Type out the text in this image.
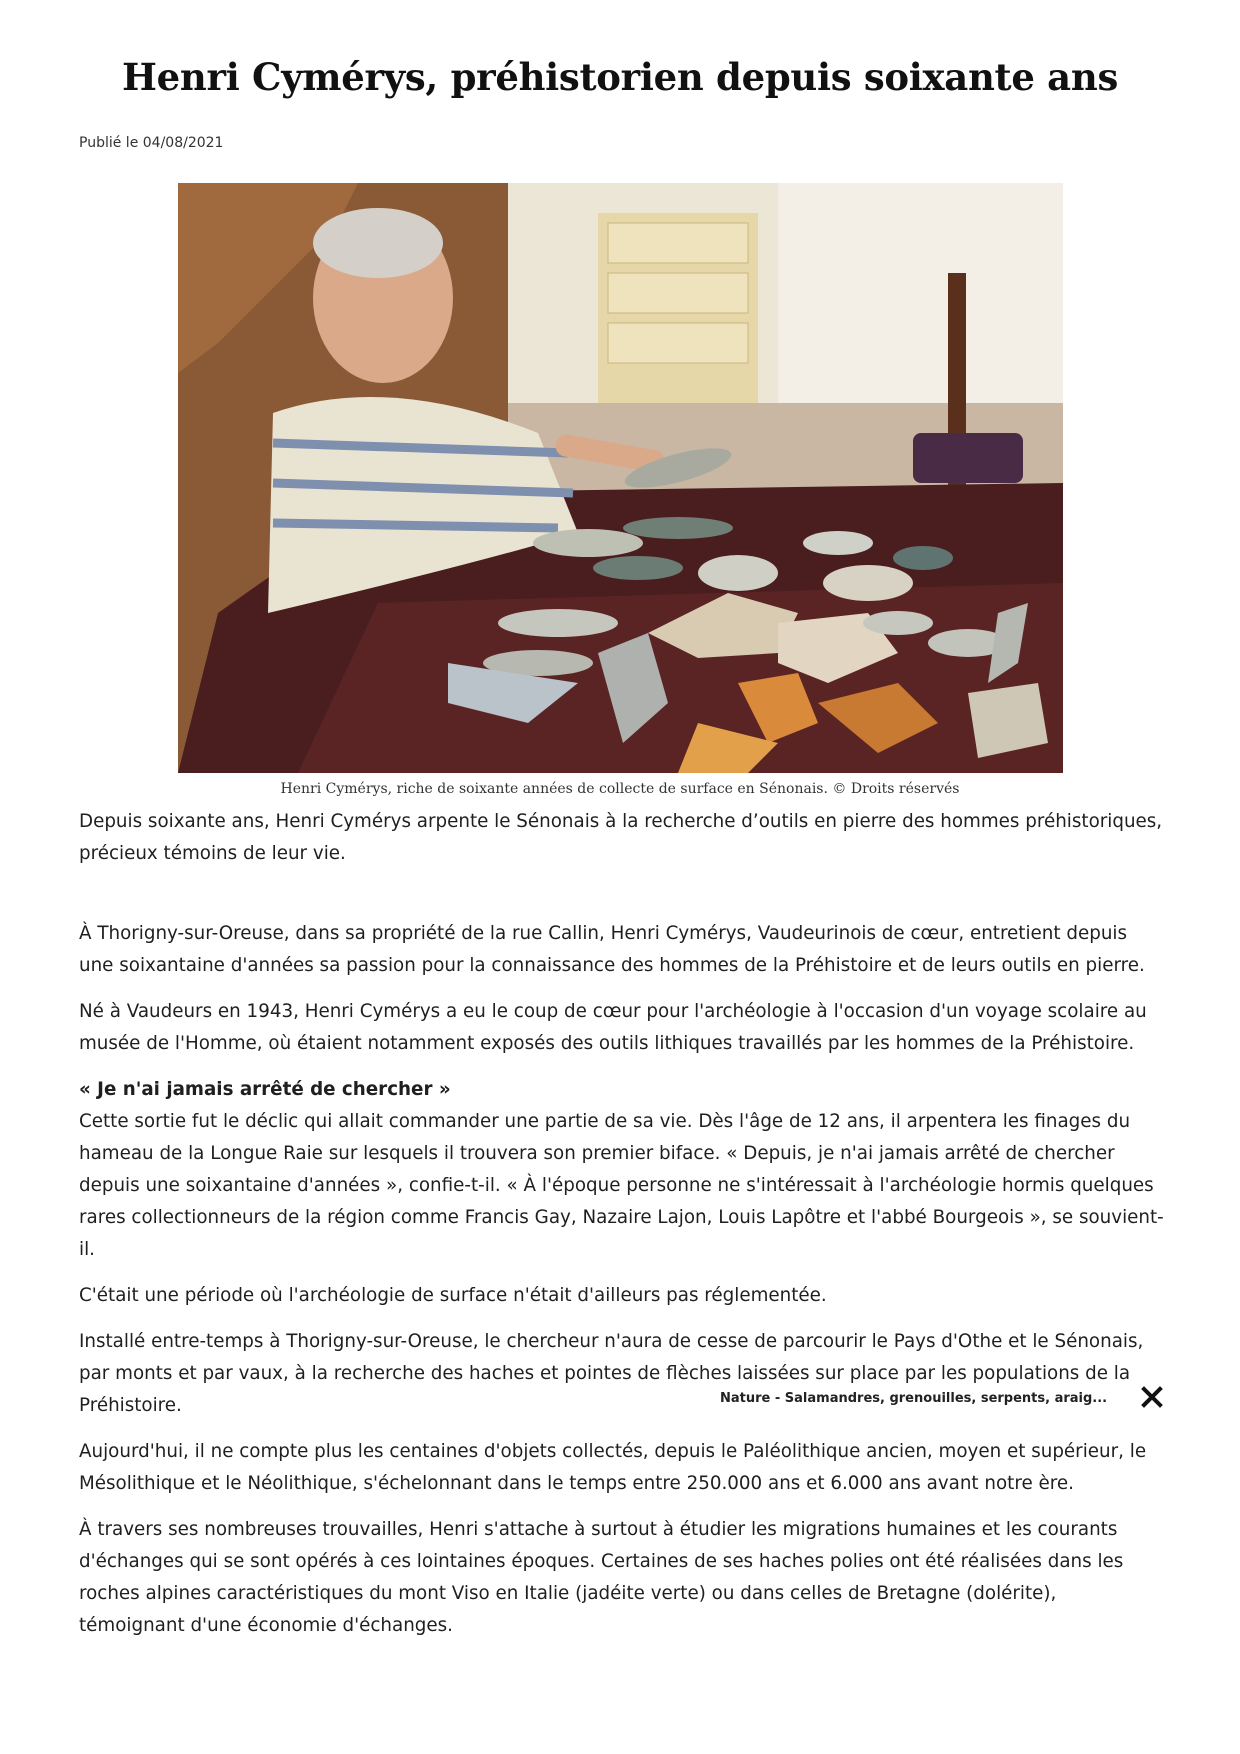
Henri Cymérys, préhistorien depuis soixante ans
Publié le 04/08/2021
Henri Cymérys, riche de soixante années de collecte de surface en Sénonais. © Droits réservés

Depuis soixante ans, Henri Cymérys arpente le Sénonais à la recherche d’outils en pierre des hommes préhistoriques, précieux témoins de leur vie.

À Thorigny-sur-Oreuse, dans sa propriété de la rue Callin, Henri Cymérys, Vaudeurinois de cœur, entretient depuis une soixantaine d'années sa passion pour la connaissance des hommes de la Préhistoire et de leurs outils en pierre.

Né à Vaudeurs en 1943, Henri Cymérys a eu le coup de cœur pour l'archéologie à l'occasion d'un voyage scolaire au musée de l'Homme, où étaient notamment exposés des outils lithiques travaillés par les hommes de la Préhistoire.

« Je n'ai jamais arrêté de chercher »

Cette sortie fut le déclic qui allait commander une partie de sa vie. Dès l'âge de 12 ans, il arpentera les finages du hameau de la Longue Raie sur lesquels il trouvera son premier biface. « Depuis, je n'ai jamais arrêté de chercher depuis une soixantaine d'années », confie-t-il. « À l'époque personne ne s'intéressait à l'archéologie hormis quelques rares collectionneurs de la région comme Francis Gay, Nazaire Lajon, Louis Lapôtre et l'abbé Bourgeois », se souvient-il.

C'était une période où l'archéologie de surface n'était d'ailleurs pas réglementée.

Installé entre-temps à Thorigny-sur-Oreuse, le chercheur n'aura de cesse de parcourir le Pays d'Othe et le Sénonais, par monts et par vaux, à la recherche des haches et pointes de flèches laissées sur place par les populations de la Préhistoire.

Aujourd'hui, il ne compte plus les centaines d'objets collectés, depuis le Paléolithique ancien, moyen et supérieur, le Mésolithique et le Néolithique, s'échelonnant dans le temps entre 250.000 ans et 6.000 ans avant notre ère.

À travers ses nombreuses trouvailles, Henri s'attache à surtout à étudier les migrations humaines et les courants d'échanges qui se sont opérés à ces lointaines époques. Certaines de ses haches polies ont été réalisées dans les roches alpines caractéristiques du mont Viso en Italie (jadéite verte) ou dans celles de Bretagne (dolérite), témoignant d'une économie d'échanges.

Nature - Salamandres, grenouilles, serpents, araig...
